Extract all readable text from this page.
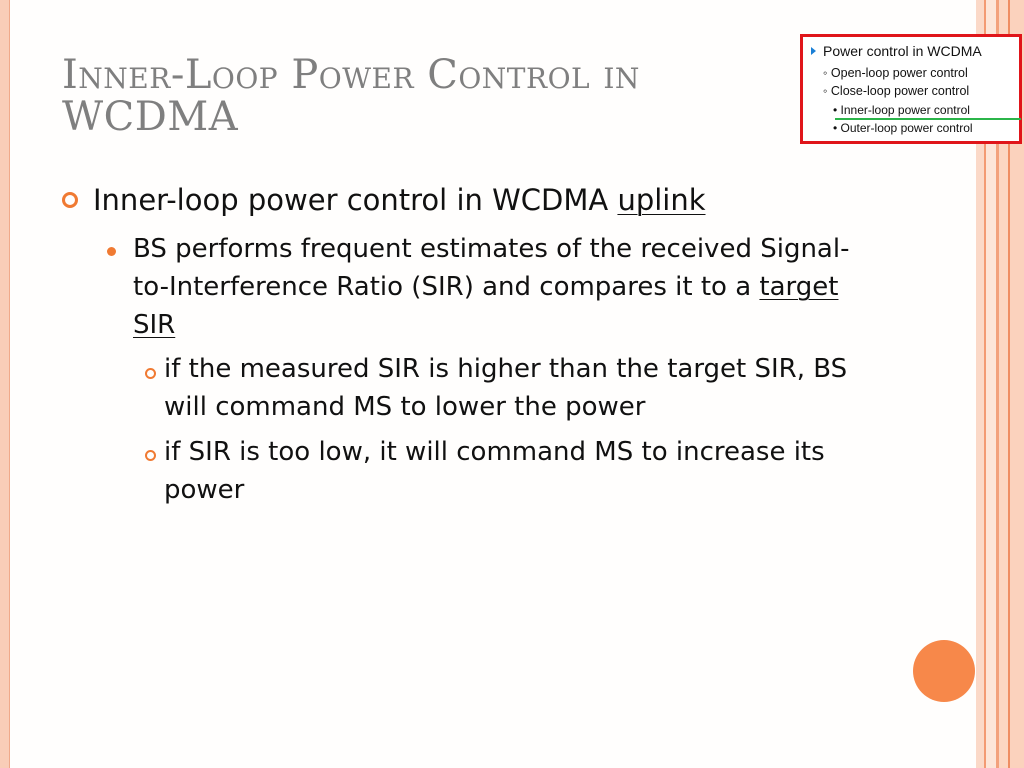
Inner-Loop Power Control in WCDMA
Power control in WCDMA
◦ Open-loop power control
◦ Close-loop power control
• Inner-loop power control
• Outer-loop power control
Inner-loop power control in WCDMA uplink
BS performs frequent estimates of the received Signal-to-Interference Ratio (SIR) and compares it to a target SIR
if the measured SIR is higher than the target SIR, BS will command MS to lower the power
if SIR is too low, it will command MS to increase its power
